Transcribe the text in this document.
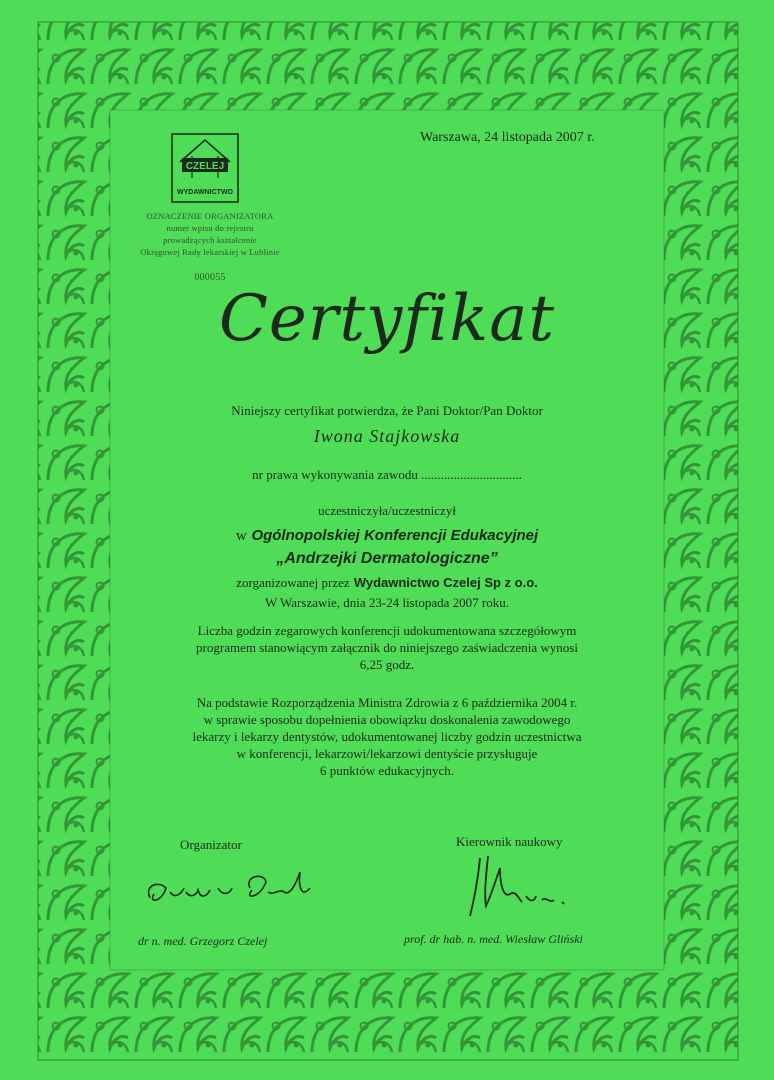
Warszawa, 24 listopada 2007 r.
CZELEJ
WYDAWNICTWO
OZNACZENIE ORGANIZATORA
numer wpisu do rejestru
prowadzących kształcenie
Okręgowej Rady lekarskiej w Lublinie
000055
Certyfikat
Niniejszy certyfikat potwierdza, że Pani Doktor/Pan Doktor
Iwona Stajkowska
nr prawa wykonywania zawodu ...............................
uczestniczyła/uczestniczył
w Ogólnopolskiej Konferencji Edukacyjnej
„Andrzejki Dermatologiczne”
zorganizowanej przez Wydawnictwo Czelej Sp z o.o.
W Warszawie, dnia 23-24 listopada 2007 roku.
Liczba godzin zegarowych konferencji udokumentowana szczegółowym
programem stanowiącym załącznik do niniejszego zaświadczenia wynosi
6,25 godz.
Na podstawie Rozporządzenia Ministra Zdrowia z 6 października 2004 r.
w sprawie sposobu dopełnienia obowiązku doskonalenia zawodowego
lekarzy i lekarzy dentystów, udokumentowanej liczby godzin uczestnictwa
w konferencji, lekarzowi/lekarzowi dentyście przysługuje
6 punktów edukacyjnych.
Organizator	Kierownik naukowy
dr n. med. Grzegorz Czelej	prof. dr hab. n. med. Wiesław Gliński
